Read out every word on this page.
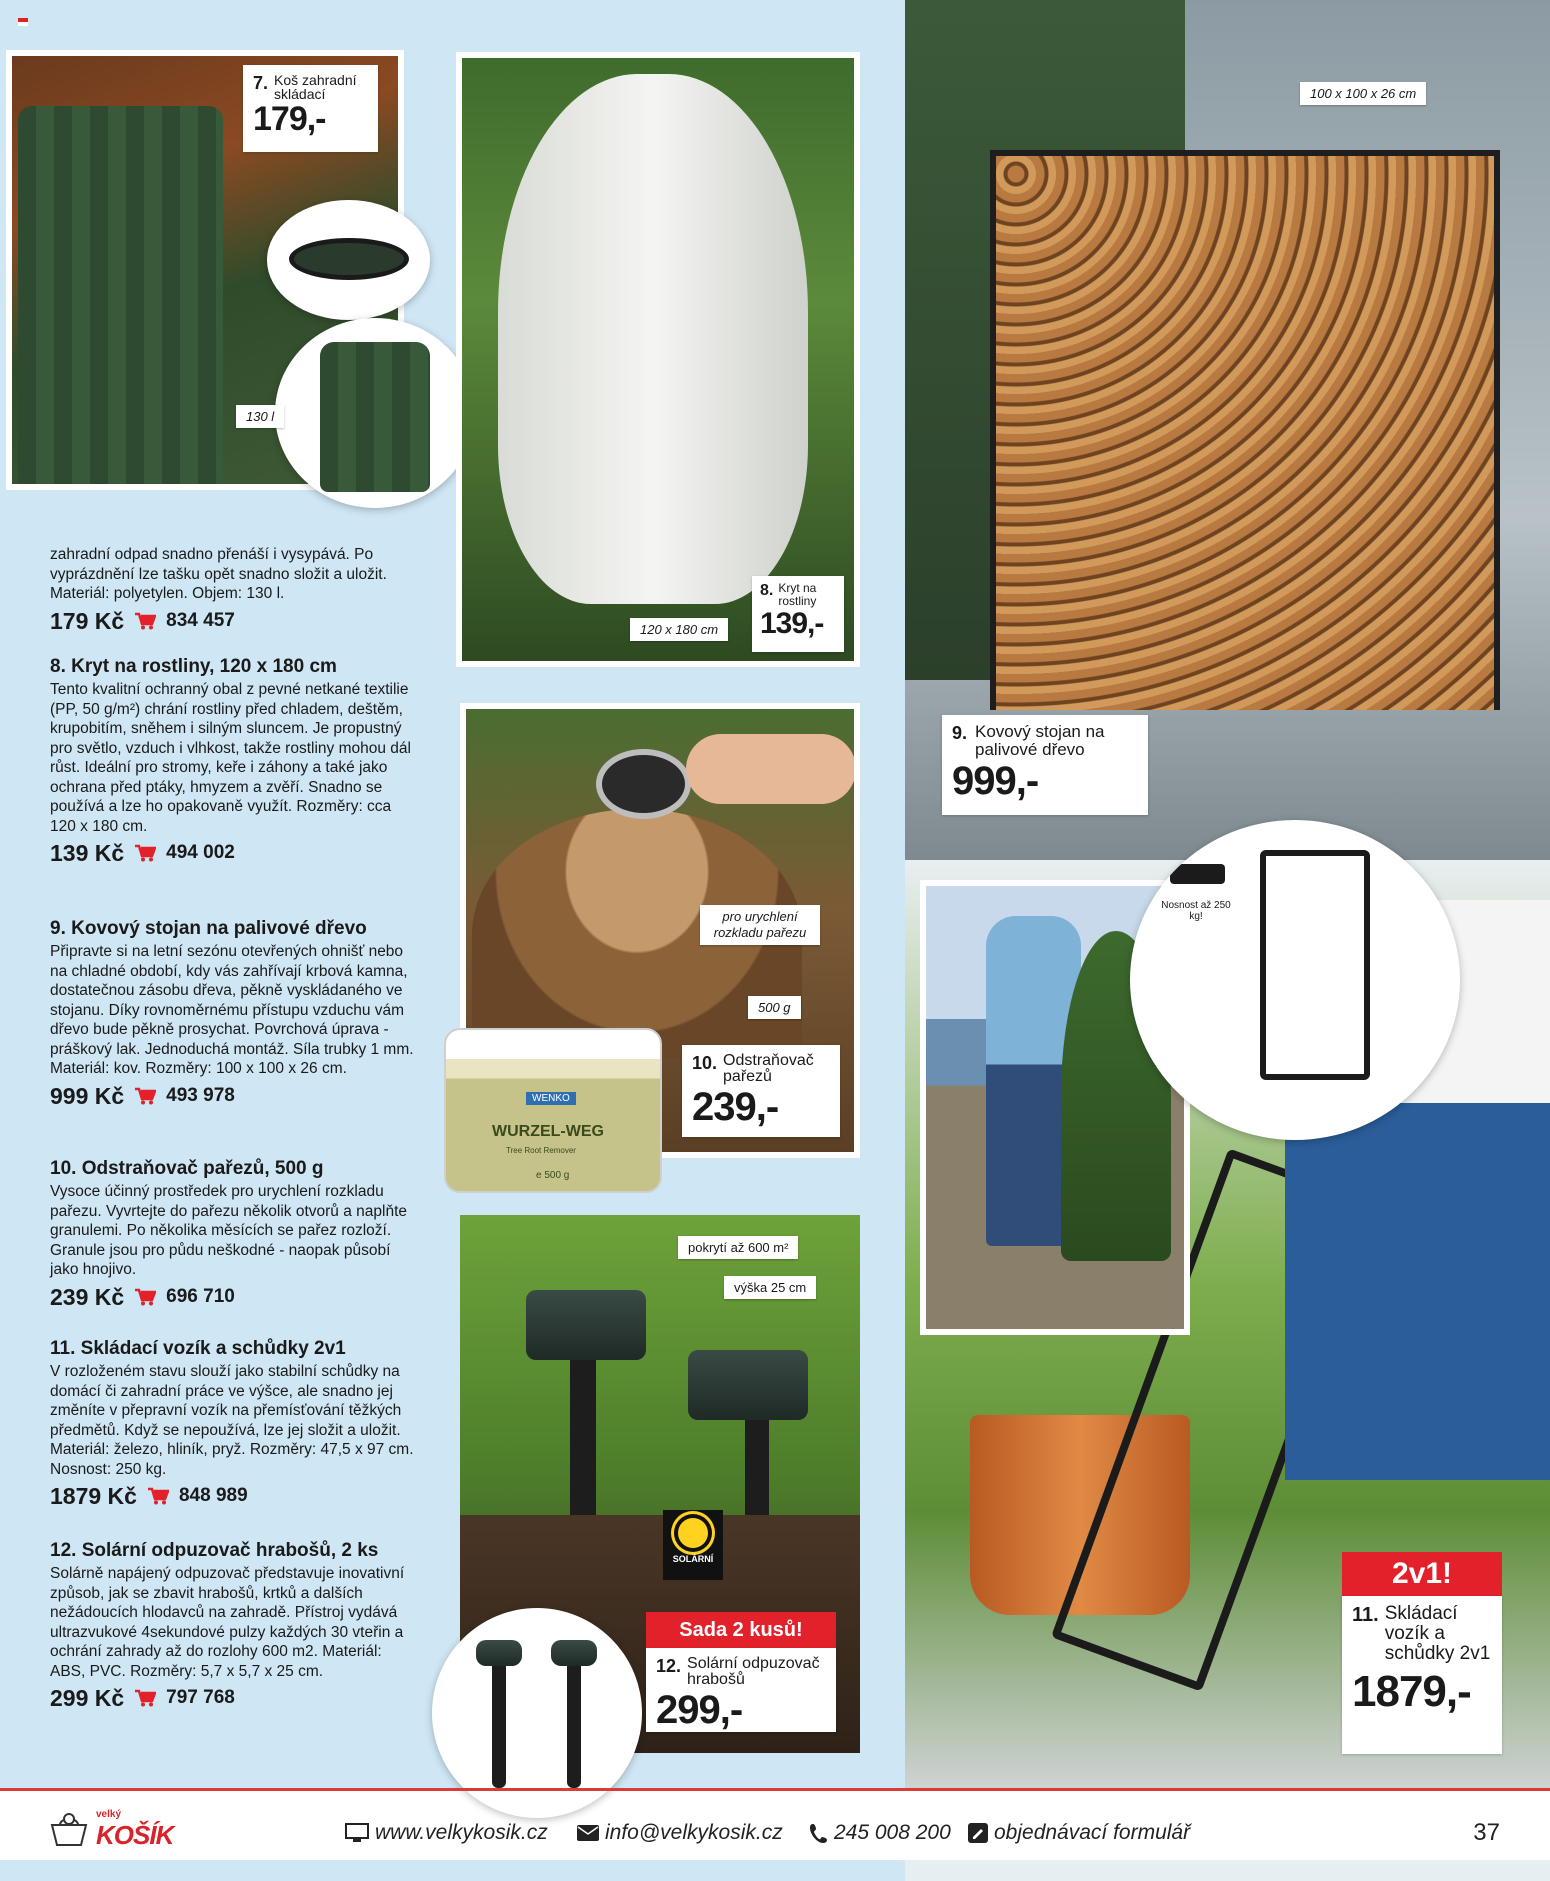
7. Koš zahradní skládací
179,-
130 l
120 x 180 cm
8. Kryt na rostliny
139,-
100 x 100 x 26 cm
9. Kovový stojan na palivové dřevo
999,-
pro urychlení rozkladu pařezu
500 g
WENKO
WURZEL-WEG
Tree Root Remover
e 500 g
10. Odstraňovač pařezů
239,-
pokrytí až 600 m²
výška 25 cm
SOLÁRNÍ
Sada 2 kusů!
12. Solární odpuzovač hrabošů
299,-
Nosnost až 250 kg!
2v1!
11. Skládací vozík a schůdky 2v1
1879,-

zahradní odpad snadno přenáší i vysypává. Po vyprázdnění lze tašku opět snadno složit a uložit. Materiál: polyetylen. Objem: 130 l.

179 Kč 834 457
8. Kryt na rostliny, 120 x 180 cm

Tento kvalitní ochranný obal z pevné netkané textilie (PP, 50 g/m²) chrání rostliny před chladem, deštěm, krupobitím, sněhem i silným sluncem. Je propustný pro světlo, vzduch i vlhkost, takže rostliny mohou dál růst. Ideální pro stromy, keře i záhony a také jako ochrana před ptáky, hmyzem a zvěří. Snadno se používá a lze ho opakovaně využít. Rozměry: cca 120 x 180 cm.

139 Kč 494 002
9. Kovový stojan na palivové dřevo

Připravte si na letní sezónu otevřených ohnišť nebo na chladné období, kdy vás zahřívají krbová kamna, dostatečnou zásobu dřeva, pěkně vyskládaného ve stojanu. Díky rovnoměrnému přístupu vzduchu vám dřevo bude pěkně prosychat. Povrchová úprava - práškový lak. Jednoduchá montáž. Síla trubky 1 mm. Materiál: kov. Rozměry: 100 x 100 x 26 cm.

999 Kč 493 978
10. Odstraňovač pařezů, 500 g

Vysoce účinný prostředek pro urychlení rozkladu pařezu. Vyvrtejte do pařezu několik otvorů a naplňte granulemi. Po několika měsících se pařez rozloží. Granule jsou pro půdu neškodné - naopak působí jako hnojivo.

239 Kč 696 710
11. Skládací vozík a schůdky 2v1

V rozloženém stavu slouží jako stabilní schůdky na domácí či zahradní práce ve výšce, ale snadno jej změníte v přepravní vozík na přemísťování těžkých předmětů. Když se nepoužívá, lze jej složit a uložit. Materiál: železo, hliník, pryž. Rozměry: 47,5 x 97 cm. Nosnost: 250 kg.

1879 Kč 848 989
12. Solární odpuzovač hrabošů, 2 ks

Solárně napájený odpuzovač představuje inovativní způsob, jak se zbavit hrabošů, krtků a dalších nežádoucích hlodavců na zahradě. Přístroj vydává ultrazvukové 4sekundové pulzy každých 30 vteřin a ochrání zahrady až do rozlohy 600 m2. Materiál: ABS, PVC. Rozměry: 5,7 x 5,7 x 25 cm.

299 Kč 797 768
velký
KOŠÍK	www.velkykosik.cz	info@velkykosik.cz 245 008 200 objednávací formulář	37
